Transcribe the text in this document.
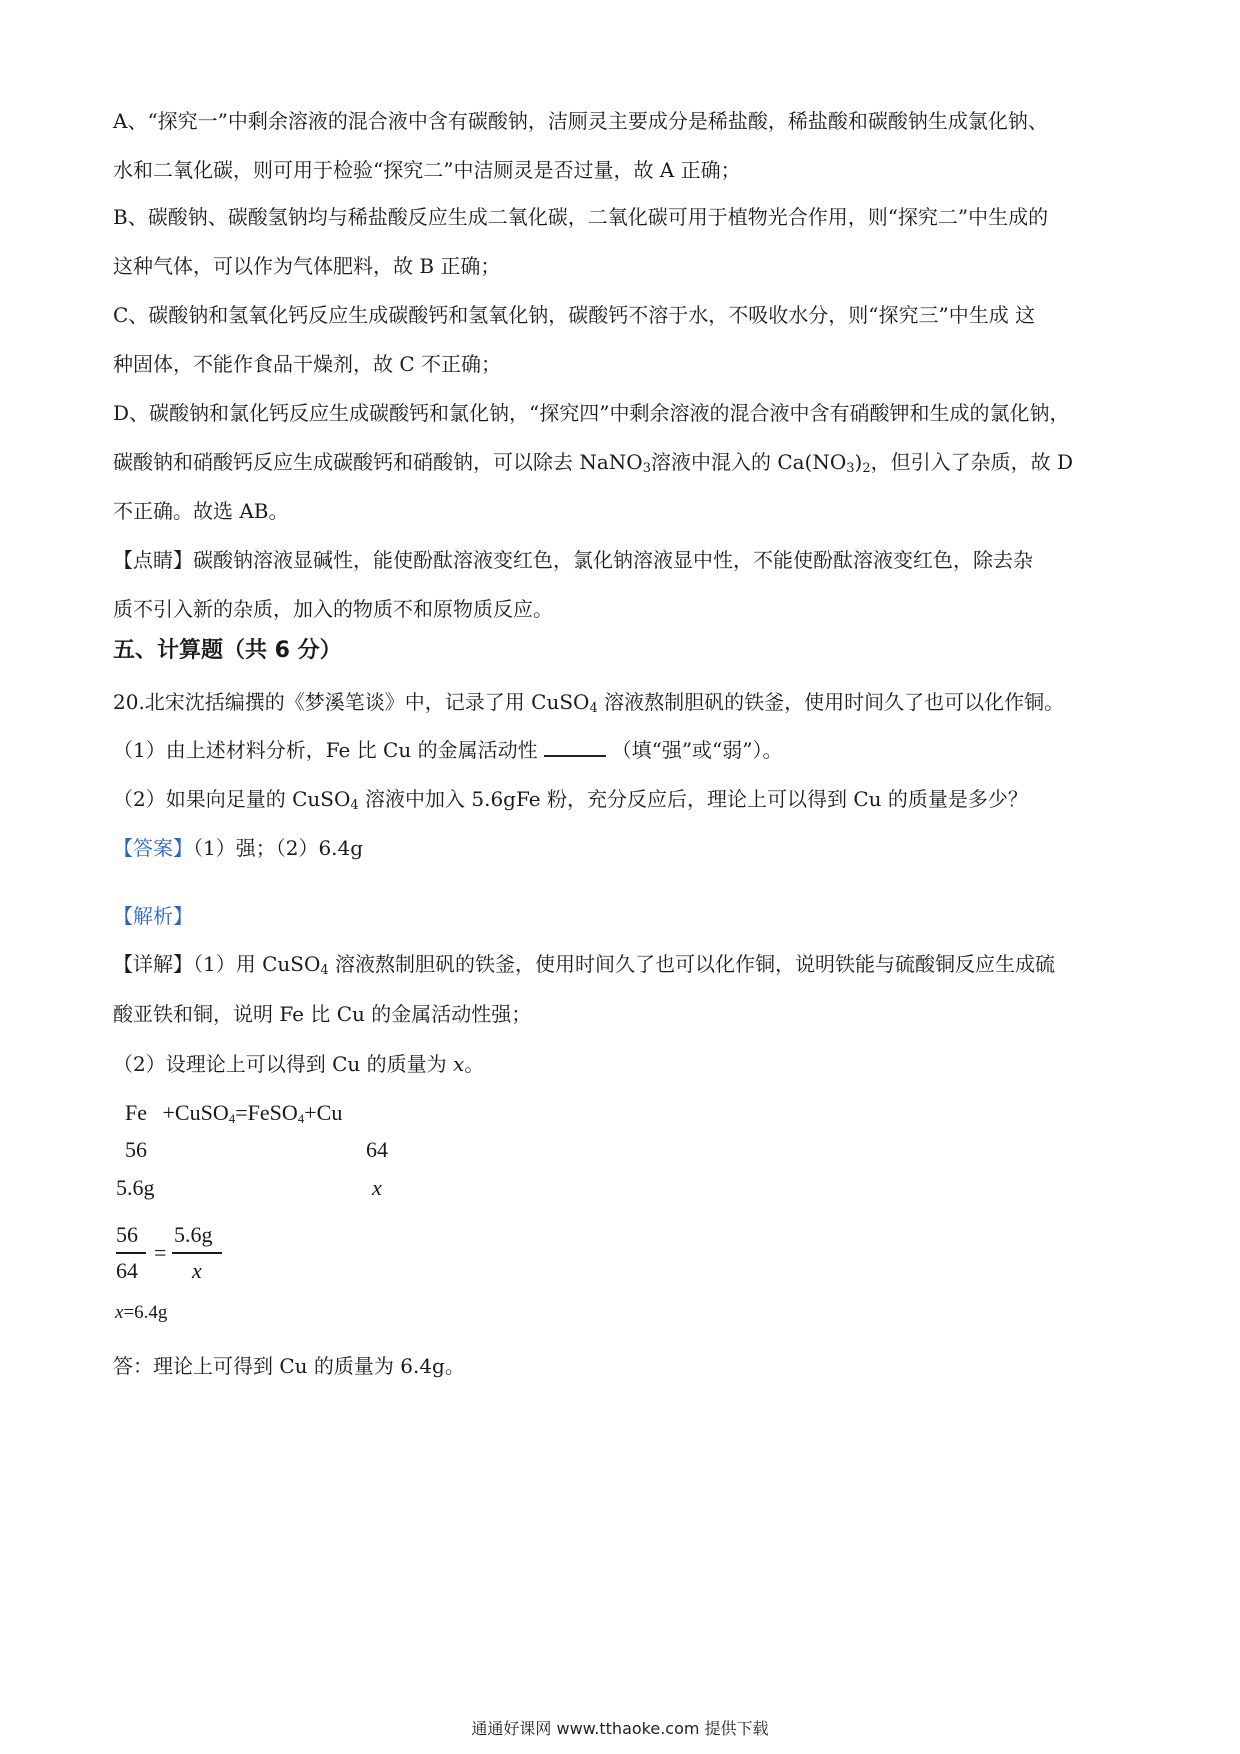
A、“探究一”中剩余溶液的混合液中含有碳酸钠，洁厕灵主要成分是稀盐酸，稀盐酸和碳酸钠生成氯化钠、
水和二氧化碳，则可用于检验“探究二”中洁厕灵是否过量，故 A 正确；
B、碳酸钠、碳酸氢钠均与稀盐酸反应生成二氧化碳，二氧化碳可用于植物光合作用，则“探究二”中生成的
这种气体，可以作为气体肥料，故 B 正确；
C、碳酸钠和氢氧化钙反应生成碳酸钙和氢氧化钠，碳酸钙不溶于水，不吸收水分，则“探究三”中生成 这
种固体，不能作食品干燥剂，故 C 不正确；
D、碳酸钠和氯化钙反应生成碳酸钙和氯化钠，“探究四”中剩余溶液的混合液中含有硝酸钾和生成的氯化钠，
碳酸钠和硝酸钙反应生成碳酸钙和硝酸钠，可以除去 NaNO$_3$溶液中混入的 $Ca(NO_3)_2$，但引入了杂质，故 D
不正确。故选 AB。
【点睛】碳酸钠溶液显碱性，能使酚酞溶液变红色，氯化钠溶液显中性，不能使酚酞溶液变红色，除去杂
质不引入新的杂质，加入的物质不和原物质反应。
五、计算题（共 6 分）
20.北宋沈括编撰的《梦溪笔谈》中，记录了用 CuSO$_4$ 溶液熬制胆矾的铁釜，使用时间久了也可以化作铜。
（1）由上述材料分析，Fe 比 Cu 的金属活动性	（填“强”或“弱”）。
（2）如果向足量的 CuSO$_4$ 溶液中加入 5.6gFe 粉，充分反应后，理论上可以得到 Cu 的质量是多少？
【答案】（1）强；（2）6.4g
【解析】
【详解】（1）用 CuSO$_4$ 溶液熬制胆矾的铁釜，使用时间久了也可以化作铜，说明铁能与硫酸铜反应生成硫
酸亚铁和铜，说明 Fe 比 Cu 的金属活动性强；
（2）设理论上可以得到 Cu 的质量为 x。
Fe +CuSO$_4$=FeSO$_4$+Cu
56	64
5.6g	x
56
64
=
5.6g
x
x=6.4g
答：理论上可得到 Cu 的质量为 6.4g。
通通好课网 www.tthaoke.com 提供下载
